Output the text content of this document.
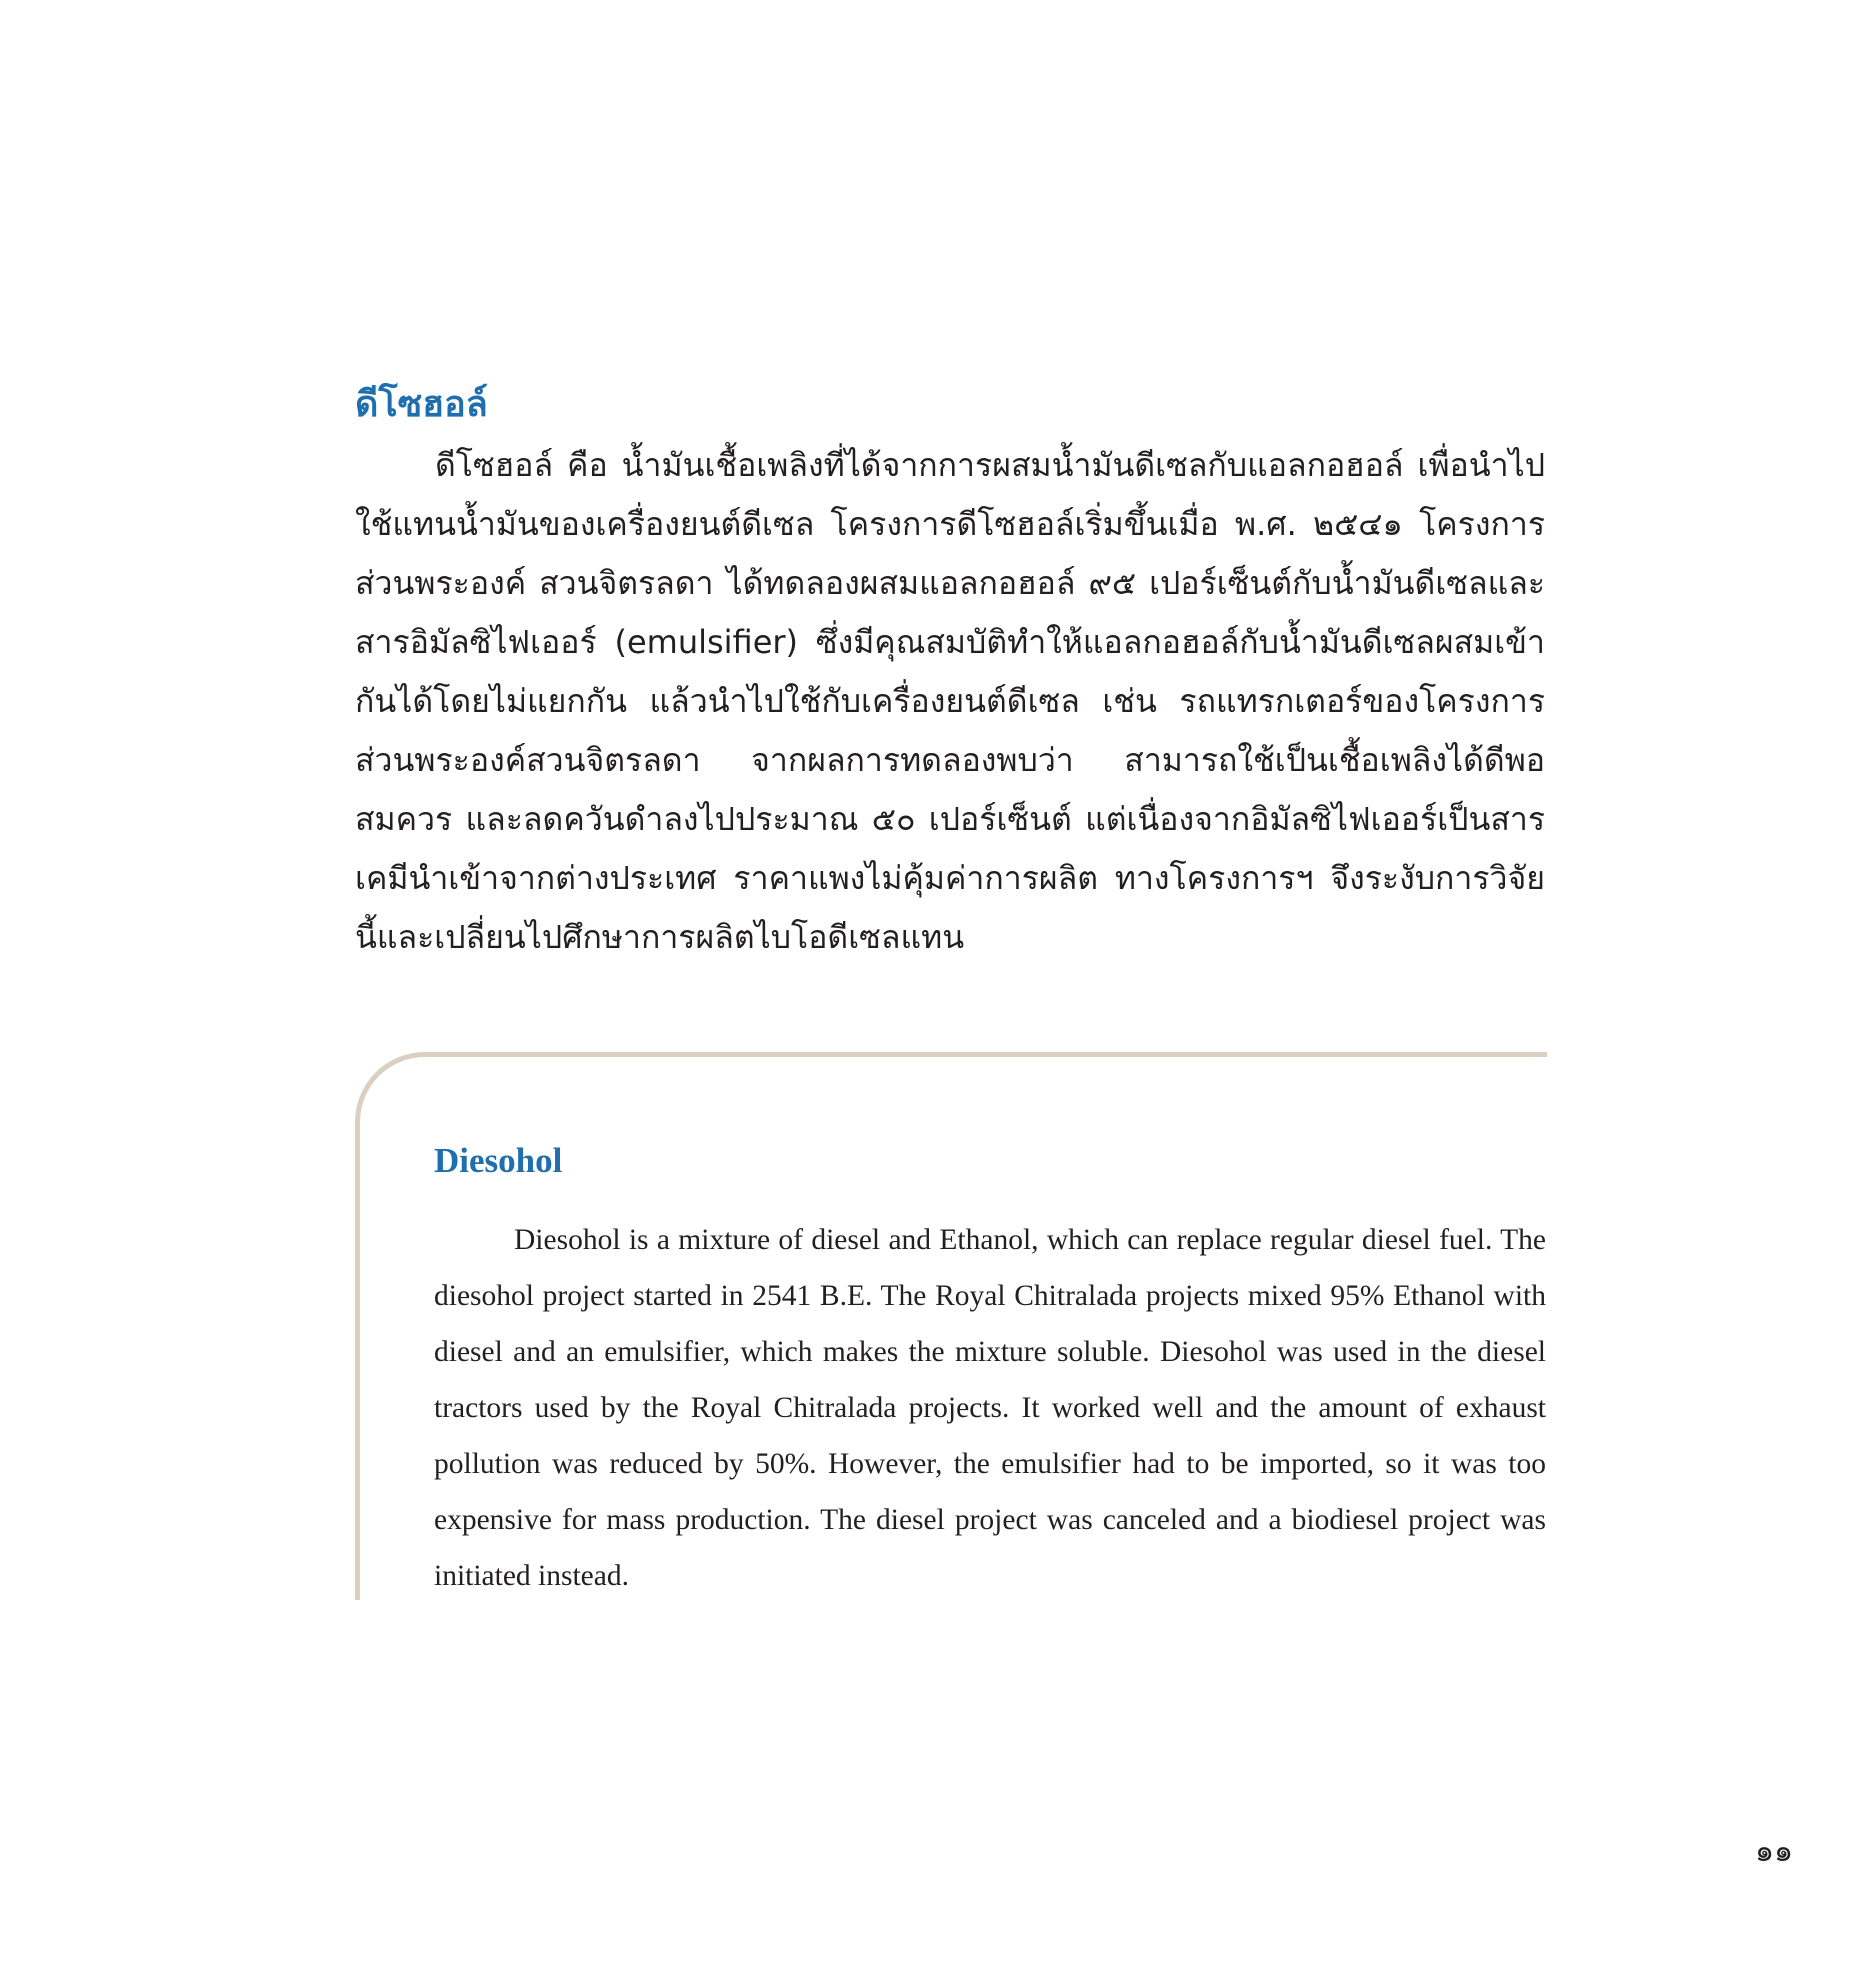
ดีโซฮอล์

ดีโซฮอล์ คือ น้ำมันเชื้อเพลิงที่ได้จากการผสมน้ำมันดีเซลกับแอลกอฮอล์ เพื่อนำไปใช้แทนน้ำมันของเครื่องยนต์ดีเซล โครงการดีโซฮอล์เริ่มขึ้นเมื่อ พ.ศ. ๒๕๔๑ โครงการส่วนพระองค์ สวนจิตรลดา ได้ทดลองผสมแอลกอฮอล์ ๙๕ เปอร์เซ็นต์กับน้ำมันดีเซลและสารอิมัลซิไฟเออร์ (emulsifier) ซึ่งมีคุณสมบัติทำให้แอลกอฮอล์กับน้ำมันดีเซลผสมเข้ากันได้โดยไม่แยกกัน แล้วนำไปใช้กับเครื่องยนต์ดีเซล เช่น รถแทรกเตอร์ของโครงการส่วนพระองค์สวนจิตรลดา จากผลการทดลองพบว่า สามารถใช้เป็นเชื้อเพลิงได้ดีพอสมควร และลดควันดำลงไปประมาณ ๕๐ เปอร์เซ็นต์ แต่เนื่องจากอิมัลซิไฟเออร์เป็นสารเคมีนำเข้าจากต่างประเทศ ราคาแพงไม่คุ้มค่าการผลิต ทางโครงการฯ จึงระงับการวิจัยนี้และเปลี่ยนไปศึกษาการผลิตไบโอดีเซลแทน

Diesohol

Diesohol is a mixture of diesel and Ethanol, which can replace regular diesel fuel. The diesohol project started in 2541 B.E. The Royal Chitralada projects mixed 95% Ethanol with diesel and an emulsifier, which makes the mixture soluble. Diesohol was used in the diesel tractors used by the Royal Chitralada projects. It worked well and the amount of exhaust pollution was reduced by 50%. However, the emulsifier had to be imported, so it was too expensive for mass production. The diesel project was canceled and a biodiesel project was initiated instead.

๑๑
